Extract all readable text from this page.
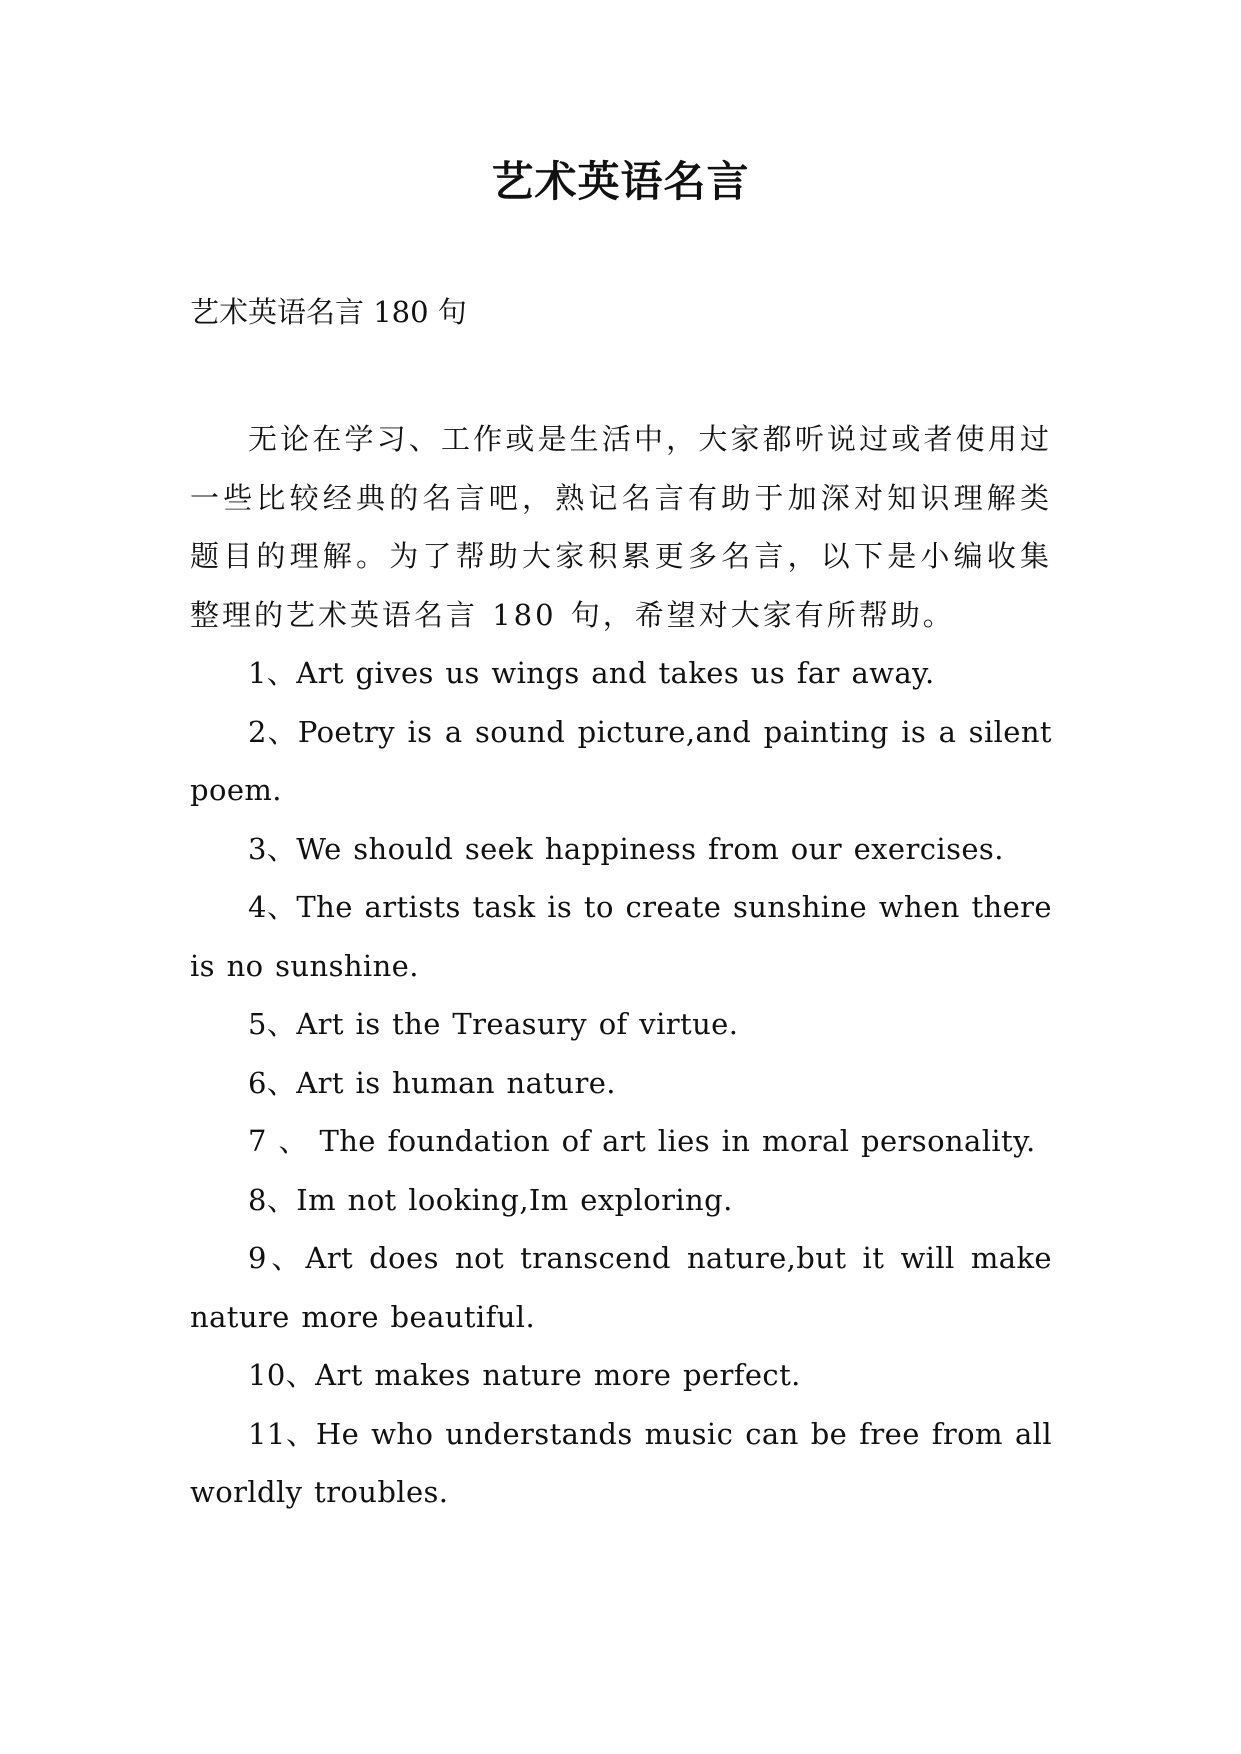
艺术英语名言
艺术英语名言 180 句

无论在学习、工作或是生活中，大家都听说过或者使用过一些比较经典的名言吧，熟记名言有助于加深对知识理解类题目的理解。为了帮助大家积累更多名言，以下是小编收集整理的艺术英语名言 180 句，希望对大家有所帮助。

1、Art gives us wings and takes us far away.

2、Poetry is a sound picture,and painting is a silent poem.

3、We should seek happiness from our exercises.

4、The artists task is to create sunshine when there is no sunshine.

5、Art is the Treasury of virtue.

6、Art is human nature.

7 、 The foundation of art lies in moral personality.

8、Im not looking,Im exploring.

9、Art does not transcend nature,but it will make nature more beautiful.

10、Art makes nature more perfect.

11、He who understands music can be free from all worldly troubles.
